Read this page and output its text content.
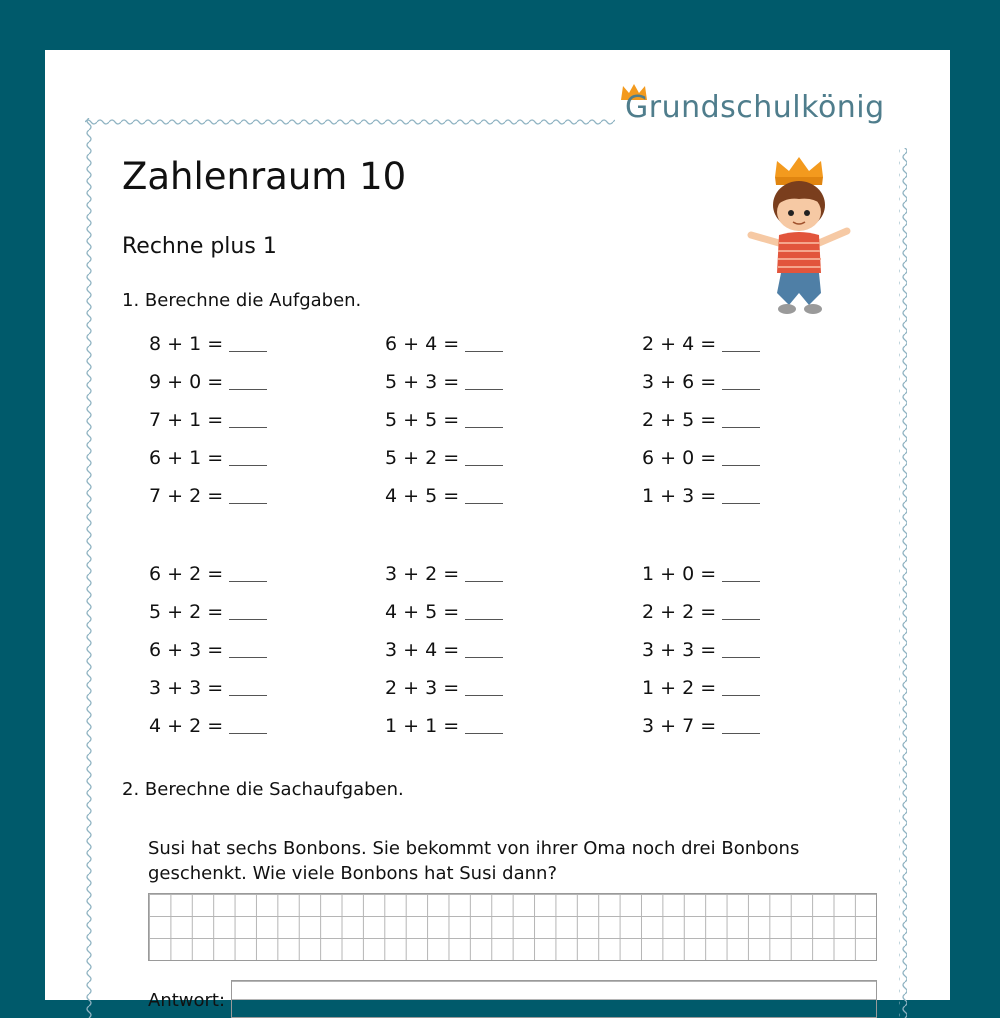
Grundschulkönig
Zahlenraum 10
Rechne plus 1
1. Berechne die Aufgaben.
8 + 1 =
9 + 0 =
7 + 1 =
6 + 1 =
7 + 2 =
6 + 4 =
5 + 3 =
5 + 5 =
5 + 2 =
4 + 5 =
2 + 4 =
3 + 6 =
2 + 5 =
6 + 0 =
1 + 3 =
6 + 2 =
5 + 2 =
6 + 3 =
3 + 3 =
4 + 2 =
3 + 2 =
4 + 5 =
3 + 4 =
2 + 3 =
1 + 1 =
1 + 0 =
2 + 2 =
3 + 3 =
1 + 2 =
3 + 7 =
2. Berechne die Sachaufgaben.
Susi hat sechs Bonbons. Sie bekommt von ihrer Oma noch drei Bonbons
geschenkt. Wie viele Bonbons hat Susi dann?
Antwort:
